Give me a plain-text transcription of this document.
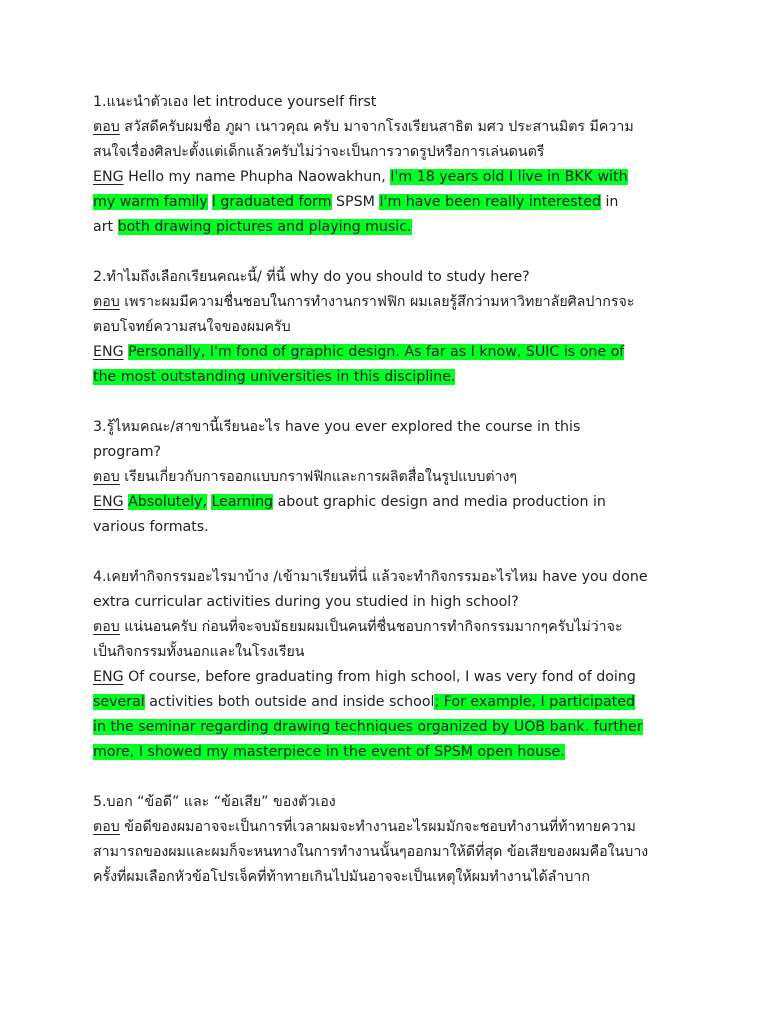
1.แนะนำตัวเอง let introduce yourself first
ตอบ สวัสดีครับผมชื่อ ภูผา เนาวคุณ ครับ มาจากโรงเรียนสาธิต มศว ประสานมิตร มีความ
สนใจเรื่องศิลปะตั้งแต่เด็กแล้วครับไม่ว่าจะเป็นการวาดรูปหรือการเล่นดนตรี
ENG Hello my name Phupha Naowakhun, I'm 18 years old I live in BKK with
my warm family I graduated form SPSM I'm have been really interested in
art both drawing pictures and playing music.
2.ทำไมถึงเลือกเรียนคณะนี้/ ที่นี้ why do you should to study here?
ตอบ เพราะผมมีความชื่นชอบในการทำงานกราฟฟิก ผมเลยรู้สึกว่ามหาวิทยาลัยศิลปากรจะ
ตอบโจทย์ความสนใจของผมครับ
ENG Personally, I'm fond of graphic design. As far as I know, SUIC is one of
the most outstanding universities in this discipline.
3.รู้ไหมคณะ/สาขานี้เรียนอะไร have you ever explored the course in this
program?
ตอบ เรียนเกี่ยวกับการออกแบบกราฟฟิกและการผลิตสื่อในรูปแบบต่างๆ
ENG Absolutely, Learning about graphic design and media production in
various formats.
4.เคยทำกิจกรรมอะไรมาบ้าง /เข้ามาเรียนที่นี่ แล้วจะทำกิจกรรมอะไรไหม have you done
extra curricular activities during you studied in high school?
ตอบ แน่นอนครับ ก่อนที่จะจบมัธยมผมเป็นคนที่ชื่นชอบการทำกิจกรรมมากๆครับไม่ว่าจะ
เป็นกิจกรรมทั้งนอกและในโรงเรียน
ENG Of course, before graduating from high school, I was very fond of doing
several activities both outside and inside school; For example, I participated
in the seminar regarding drawing techniques organized by UOB bank. further
more, I showed my masterpiece in the event of SPSM open house.
5.บอก “ข้อดี” และ “ข้อเสีย” ของตัวเอง
ตอบ ข้อดีของผมอาจจะเป็นการที่เวลาผมจะทำงานอะไรผมมักจะชอบทำงานที่ท้าทายความ
สามารถของผมและผมก็จะหนทางในการทำงานนั้นๆออกมาให้ดีที่สุด ข้อเสียของผมคือในบาง
ครั้งที่ผมเลือกหัวข้อโปรเจ็คที่ท้าทายเกินไปมันอาจจะเป็นเหตุให้ผมทำงานได้ลำบาก
